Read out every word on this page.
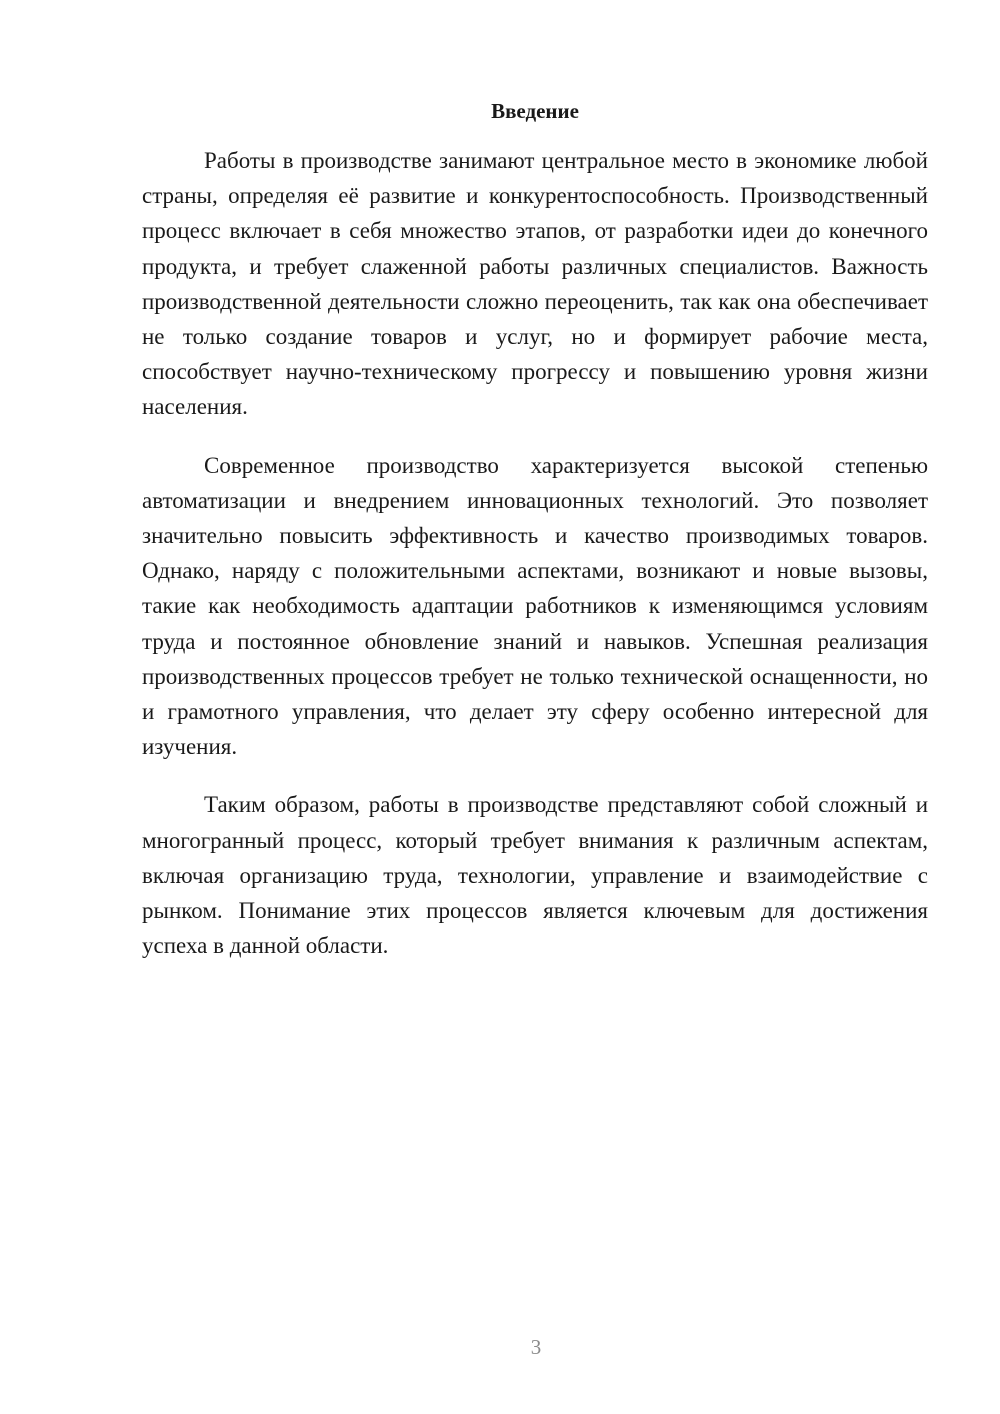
Введение

Работы в производстве занимают центральное место в экономике любой страны, определяя её развитие и конкурентоспособность. Производственный процесс включает в себя множество этапов, от разработки идеи до конечного продукта, и требует слаженной работы различных специалистов. Важность производственной деятельности сложно переоценить, так как она обеспечивает не только создание товаров и услуг, но и формирует рабочие места, способствует научно-техническому прогрессу и повышению уровня жизни населения.

Современное производство характеризуется высокой степенью автоматизации и внедрением инновационных технологий. Это позволяет значительно повысить эффективность и качество производимых товаров. Однако, наряду с положительными аспектами, возникают и новые вызовы, такие как необходимость адаптации работников к изменяющимся условиям труда и постоянное обновление знаний и навыков. Успешная реализация производственных процессов требует не только технической оснащенности, но и грамотного управления, что делает эту сферу особенно интересной для изучения.

Таким образом, работы в производстве представляют собой сложный и многогранный процесс, который требует внимания к различным аспектам, включая организацию труда, технологии, управление и взаимодействие с рынком. Понимание этих процессов является ключевым для достижения успеха в данной области.

3
